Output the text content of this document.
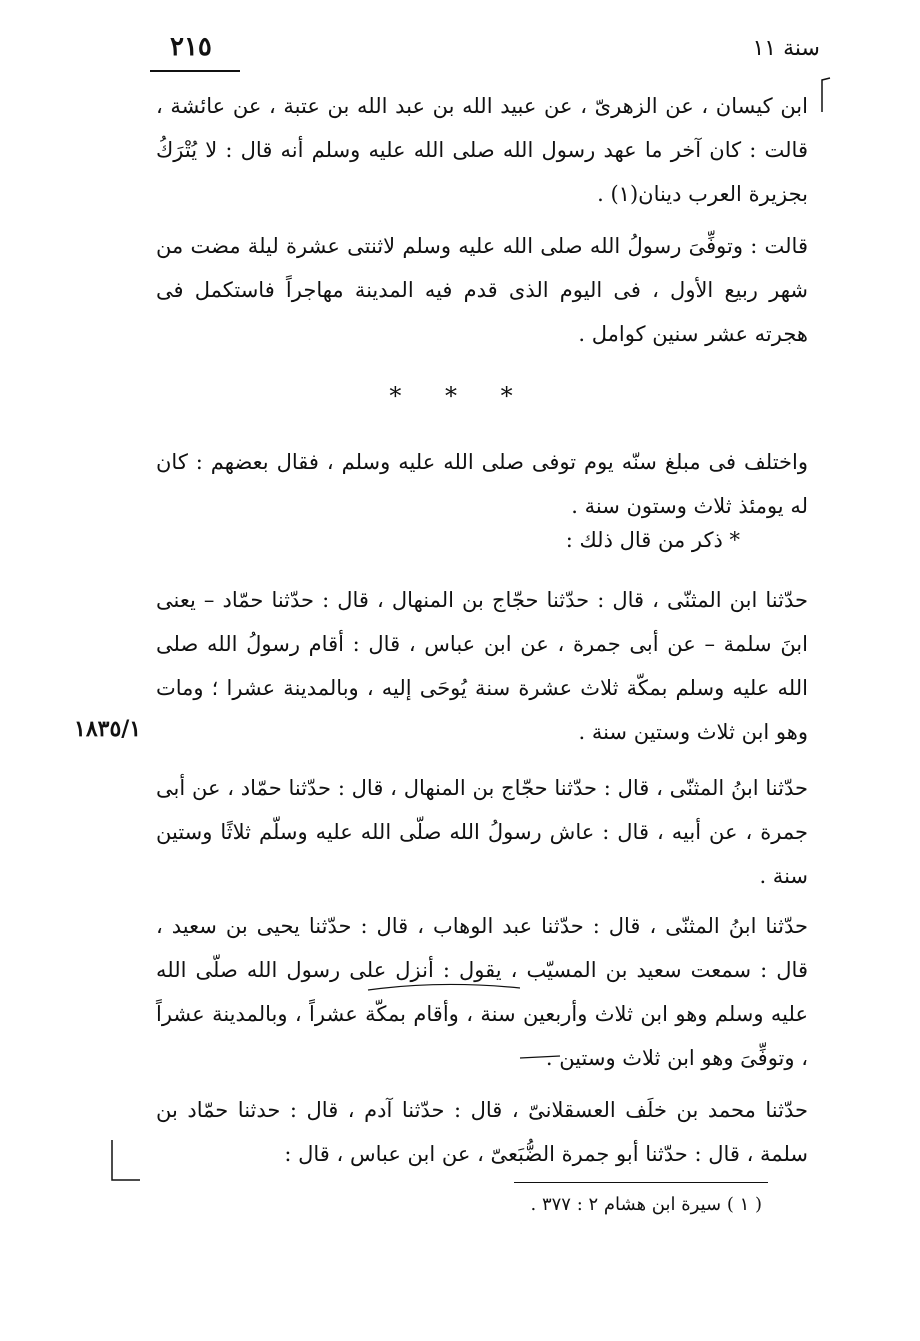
سنة ١١
٢١٥
ابن كيسان ، عن الزهرىّ ، عن عبيد الله بن عبد الله بن عتبة ، عن عائشة ، قالت : كان آخر ما عهد رسول الله صلى الله عليه وسلم أنه قال : لا يُتْرَكُ بجزيرة العرب دينان(١) .
قالت : وتوفِّىَ رسولُ الله صلى الله عليه وسلم لاثنتى عشرة ليلة مضت من شهر ربيع الأول ، فى اليوم الذى قدم فيه المدينة مهاجراً فاستكمل فى هجرته عشر سنين كوامل .
* * *
واختلف فى مبلغ سنّه يوم توفى صلى الله عليه وسلم ، فقال بعضهم : كان له يومئذ ثلاث وستون سنة .
* ذكر من قال ذلك :
حدّثنا ابن المثنّى ، قال : حدّثنا حجّاج بن المنهال ، قال : حدّثنا حمّاد – يعنى ابنَ سلمة – عن أبى جمرة ، عن ابن عباس ، قال : أقام رسولُ الله صلى الله عليه وسلم بمكّة ثلاث عشرة سنة يُوحَى إليه ، وبالمدينة عشرا ؛ ومات وهو ابن ثلاث وستين سنة .
١٨٣٥/١
حدّثنا ابنُ المثنّى ، قال : حدّثنا حجّاج بن المنهال ، قال : حدّثنا حمّاد ، عن أبى جمرة ، عن أبيه ، قال : عاش رسولُ الله صلّى الله عليه وسلّم ثلاثًا وستين سنة .
حدّثنا ابنُ المثنّى ، قال : حدّثنا عبد الوهاب ، قال : حدّثنا يحيى بن سعيد ، قال : سمعت سعيد بن المسيّب ، يقول : أنزل على رسول الله صلّى الله عليه وسلم وهو ابن ثلاث وأربعين سنة ، وأقام بمكّة عشراً ، وبالمدينة عشراً ، وتوفِّىَ وهو ابن ثلاث وستين .
حدّثنا محمد بن خلَف العسقلانىّ ، قال : حدّثنا آدم ، قال : حدثنا حمّاد بن سلمة ، قال : حدّثنا أبو جمرة الضُّبَعىّ ، عن ابن عباس ، قال :
( ١ ) سيرة ابن هشام ٢ : ٣٧٧ .
